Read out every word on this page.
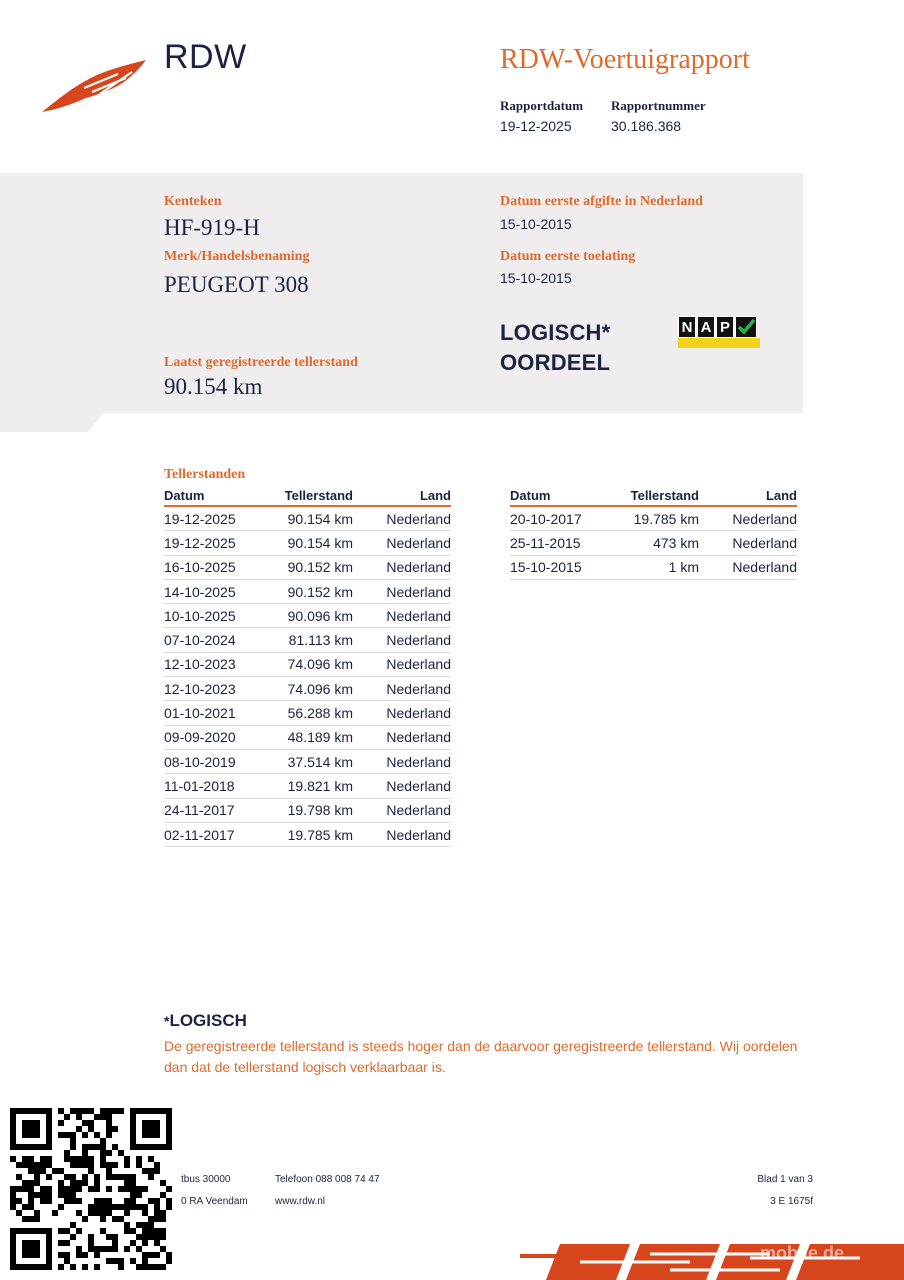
RDW	RDW-Voertuigrapport
Rapportdatum
19-12-2025
Rapportnummer
30.186.368
Kenteken
HF-919-H
Merk/Handelsbenaming
PEUGEOT 308
Laatst geregistreerde tellerstand
90.154 km
Datum eerste afgifte in Nederland
15-10-2015
Datum eerste toelating
15-10-2015
LOGISCH*
OORDEEL
N A P
Tellerstanden
Datum	Tellerstand	Land
19-12-2025	90.154 km	Nederland
19-12-2025	90.154 km	Nederland
16-10-2025	90.152 km	Nederland
14-10-2025	90.152 km	Nederland
10-10-2025	90.096 km	Nederland
07-10-2024	81.113 km	Nederland
12-10-2023	74.096 km	Nederland
12-10-2023	74.096 km	Nederland
01-10-2021	56.288 km	Nederland
09-09-2020	48.189 km	Nederland
08-10-2019	37.514 km	Nederland
11-01-2018	19.821 km	Nederland
24-11-2017	19.798 km	Nederland
02-11-2017	19.785 km	Nederland
Datum	Tellerstand	Land
20-10-2017	19.785 km	Nederland
25-11-2015	473 km	Nederland
15-10-2015	1 km	Nederland
*LOGISCH
De geregistreerde tellerstand is steeds hoger dan de daarvoor geregistreerde tellerstand. Wij oordelen dan dat de tellerstand logisch verklaarbaar is.
tbus 30000
0 RA Veendam
Telefoon 088 008 74 47
www.rdw.nl
Blad 1 van 3
3 E 1675f
mobile.de
